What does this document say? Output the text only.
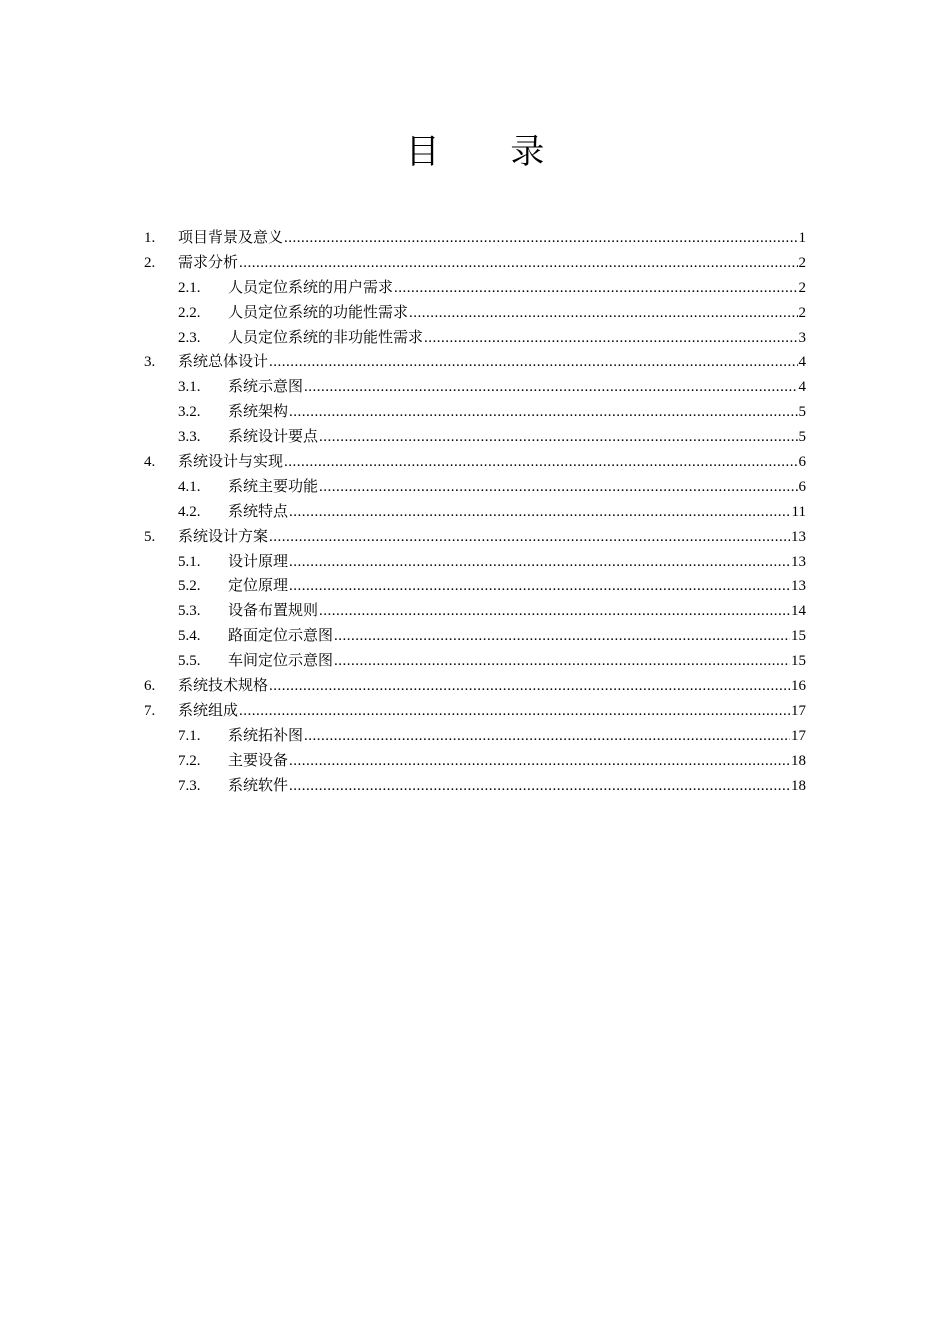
目 录
1.	项目背景及意义 .....	1
2.	需求分析 .....	2
2.1.	人员定位系统的用户需求 .....	2
2.2.	人员定位系统的功能性需求 .....	2
2.3.	人员定位系统的非功能性需求 .....	3
3.	系统总体设计 .....	4
3.1.	系统示意图 .....	4
3.2.	系统架构 .....	5
3.3.	系统设计要点 .....	5
4.	系统设计与实现 .....	6
4.1.	系统主要功能 .....	6
4.2.	系统特点 .....	11
5.	系统设计方案 .....	13
5.1.	设计原理 .....	13
5.2.	定位原理 .....	13
5.3.	设备布置规则 .....	14
5.4.	路面定位示意图 .....	15
5.5.	车间定位示意图 .....	15
6.	系统技术规格 .....	16
7.	系统组成 .....	17
7.1.	系统拓补图 .....	17
7.2.	主要设备 .....	18
7.3.	系统软件 .....	18
